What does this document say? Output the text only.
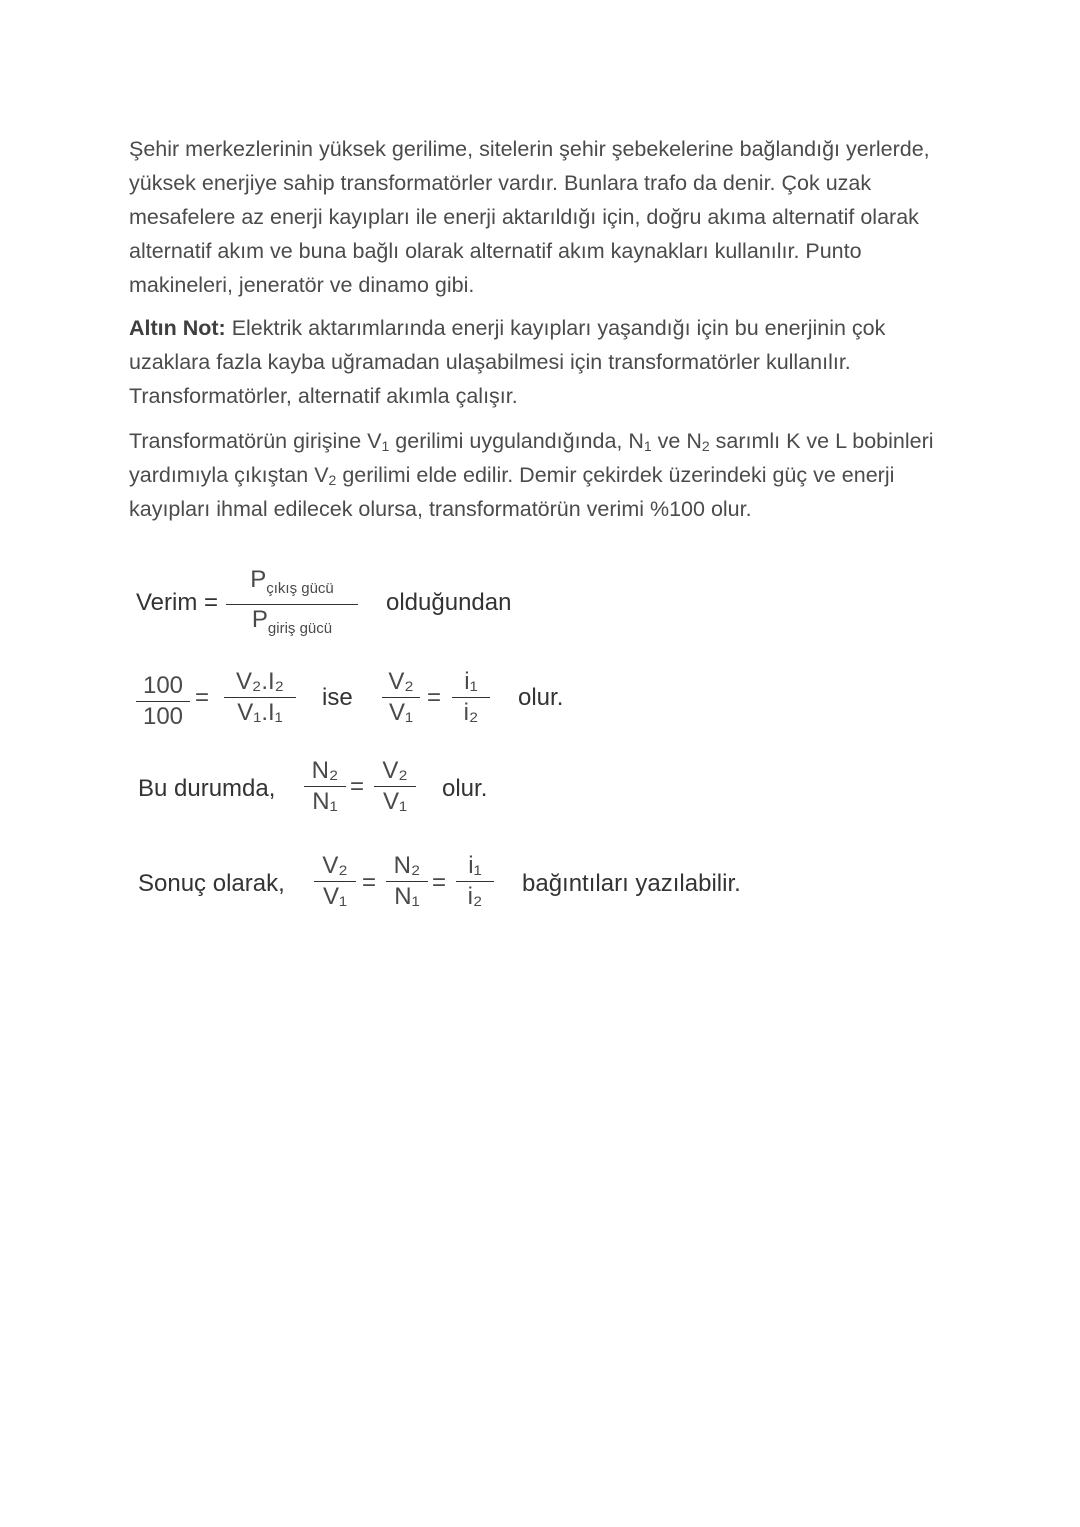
Şehir merkezlerinin yüksek gerilime, sitelerin şehir şebekelerine bağlandığı yerlerde, yüksek enerjiye sahip transformatörler vardır. Bunlara trafo da denir. Çok uzak mesafelere az enerji kayıpları ile enerji aktarıldığı için, doğru akıma alternatif olarak alternatif akım ve buna bağlı olarak alternatif akım kaynakları kullanılır. Punto makineleri, jeneratör ve dinamo gibi.

Altın Not: Elektrik aktarımlarında enerji kayıpları yaşandığı için bu enerjinin çok uzaklara fazla kayba uğramadan ulaşabilmesi için transformatörler kullanılır. Transformatörler, alternatif akımla çalışır.

Transformatörün girişine $V_1$ gerilimi uygulandığında, $N_1$ ve $N_2$ sarımlı K ve L bobinleri yardımıyla çıkıştan $V_2$ gerilimi elde edilir. Demir çekirdek üzerindeki güç ve enerji kayıpları ihmal edilecek olursa, transformatörün verimi %100 olur.

Verim =
$P_{çıkış gücü}$
$P_{giriş gücü}$
olduğundan
100
100
=
V₂.I₂
V₁.I₁
ise
V₂
V₁
=
i₁
i₂
olur.
Bu durumda,
N₂
N₁
=
V₂
V₁	olur.
Sonuç olarak,
V₂
V₁
=
N₂
N₁
=
i₁
i₂	bağıntıları yazılabilir.
